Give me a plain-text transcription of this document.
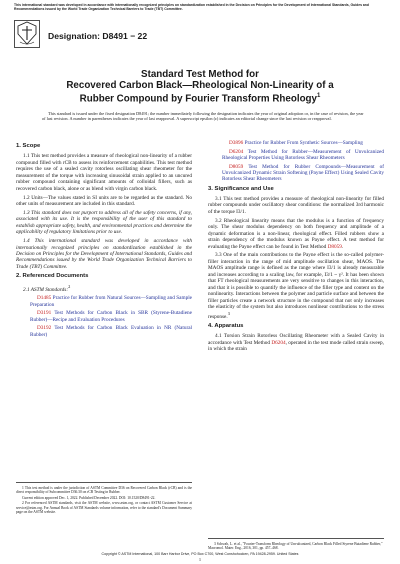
This international standard was developed in accordance with internationally recognized principles on standardization established in the Decision on Principles for the Development of International Standards, Guides and Recommendations issued by the World Trade Organization Technical Barriers to Trade (TBT) Committee.
Designation: D8491 − 22
Standard Test Method for
Recovered Carbon Black—Rheological Non-Linearity of a
Rubber Compound by Fourier Transform Rheology$^1$
This standard is issued under the fixed designation D8491; the number immediately following the designation indicates the year of original adoption or, in the case of revision, the year of last revision. A number in parentheses indicates the year of last reapproval. A superscript epsilon (ε) indicates an editorial change since the last revision or reapproval.
1. Scope

1.1 This test method provides a measure of rheological non-linearity of a rubber compound filled with rCB to assess its reinforcement capabilities. This test method requires the use of a sealed cavity rotorless oscillating shear rheometer for the measurement of the torque with increasing sinusoidal strain applied to an uncured rubber compound containing significant amounts of colloidal fillers, such as recovered carbon black, alone or as blend with virgin carbon black.

1.2 Units—The values stated in SI units are to be regarded as the standard. No other units of measurement are included in this standard.

1.3 This standard does not purport to address all of the safety concerns, if any, associated with its use. It is the responsibility of the user of this standard to establish appropriate safety, health, and environmental practices and determine the applicability of regulatory limitations prior to use.

1.4 This international standard was developed in accordance with internationally recognized principles on standardization established in the Decision on Principles for the Development of International Standards, Guides and Recommendations issued by the World Trade Organization Technical Barriers to Trade (TBT) Committee.

2. Referenced Documents

2.1 ASTM Standards:$^2$

D1485 Practice for Rubber from Natural Sources—Sampling and Sample Preparation

D3191 Test Methods for Carbon Black in SBR (Styrene-Butadiene Rubber)—Recipe and Evaluation Procedures

D3192 Test Methods for Carbon Black Evaluation in NR (Natural Rubber)

D3896 Practice for Rubber From Synthetic Sources—Sampling

D6204 Test Method for Rubber—Measurement of Unvulcanized Rheological Properties Using Rotorless Shear Rheometers

D8059 Test Method for Rubber Compounds—Measurement of Unvulcanized Dynamic Strain Softening (Payne Effect) Using Sealed Cavity Rotorless Shear Rheometers

3. Significance and Use

3.1 This test method provides a measure of rheological non-linearity for filled rubber compounds under oscillatory shear conditions: the normalized 3rd harmonic of the torque I3/1.

3.2 Rheological linearity means that the modulus is a function of frequency only. The shear modulus dependency on both frequency and amplitude of a dynamic deformation is a non-linear, rheological effect. Filled rubbers show a strain dependency of the modulus known as Payne effect. A test method for evaluating the Payne effect can be found in Test Method D8059.

3.3 One of the main contributions to the Payne effect is the so-called polymer-filler interaction in the range of mid amplitude oscillation shear, MAOS. The MAOS amplitude range is defined as the range where I3/1 is already measurable and increases according to a scaling law, for example, I3/1 ~ γ². It has been shown that FT rheological measurements are very sensitive to changes in this interaction, and that it is possible to quantify the influence of the filler type and content on the nonlinearity. Interactions between the polymer and particle surface and between the filler particles create a network structure in the compound that not only increases the elasticity of the system but also introduces nonlinear contributions to the stress response.$^3$

4. Apparatus

4.1 Torsion Strain Rotorless Oscillating Rheometer with a Sealed Cavity in accordance with Test Method D6204, operated in the test mode called strain sweep, in which the strain

1 This test method is under the jurisdiction of ASTM Committee D36 on Recovered Carbon Black (rCB) and is the direct responsibility of Subcommittee D36.30 on rCB Testing in Rubber.

Current edition approved Dec. 1, 2022. Published December 2022. DOI: 10.1520/D8491-22.

2 For referenced ASTM standards, visit the ASTM website, www.astm.org, or contact ASTM Customer Service at service@astm.org. For Annual Book of ASTM Standards volume information, refer to the standard's Document Summary page on the ASTM website.

3 Schwab, L. et al., "Fourier-Transform Rheology of Unvulcanized, Carbon Black Filled Styrene Butadiene Rubber," Macromol. Mater. Eng., 2016, 301, pp. 457–468.

Copyright © ASTM International, 100 Barr Harbor Drive, PO Box C700, West Conshohocken, PA 19428-2959. United States
1
